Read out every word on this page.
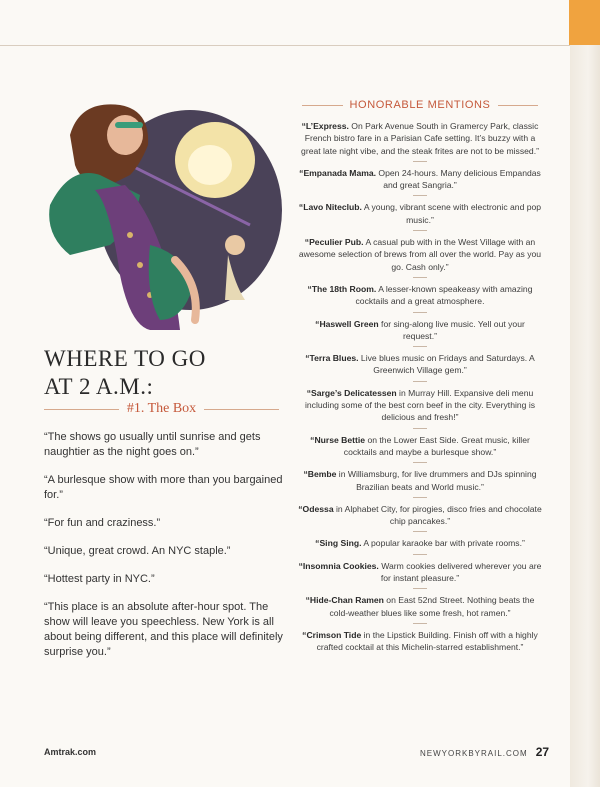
WHERE TO GO
AT 2 A.M.:
#1. The Box

“The shows go usually until sunrise and gets naughtier as the night goes on.”

“A burlesque show with more than you bargained for.”

“For fun and craziness.”

“Unique, great crowd. An NYC staple.”

“Hottest party in NYC.”

“This place is an absolute after-hour spot. The show will leave you speechless. New York is all about being different, and this place will definitely surprise you.”

HONORABLE MENTIONS
“L’Express. On Park Avenue South in Gramercy Park, classic French bistro fare in a Parisian Cafe setting. It’s buzzy with a great late night vibe, and the steak frites are not to be missed.”
“Empanada Mama. Open 24-hours. Many delicious Empandas and great Sangria.”
“Lavo Niteclub. A young, vibrant scene with electronic and pop music.”
“Peculier Pub. A casual pub with in the West Village with an awesome selection of brews from all over the world. Pay as you go. Cash only.”
“The 18th Room. A lesser-known speakeasy with amazing cocktails and a great atmosphere.
“Haswell Green for sing-along live music. Yell out your request.”
“Terra Blues. Live blues music on Fridays and Saturdays. A Greenwich Village gem.”
“Sarge’s Delicatessen in Murray Hill. Expansive deli menu including some of the best corn beef in the city. Everything is delicious and fresh!”
“Nurse Bettie on the Lower East Side. Great music, killer cocktails and maybe a burlesque show.”
“Bembe in Williamsburg, for live drummers and DJs spinning Brazilian beats and World music.”
“Odessa in Alphabet City, for pirogies, disco fries and chocolate chip pancakes.”
“Sing Sing. A popular karaoke bar with private rooms.”
“Insomnia Cookies. Warm cookies delivered wherever you are for instant pleasure.”
“Hide-Chan Ramen on East 52nd Street. Nothing beats the cold-weather blues like some fresh, hot ramen.”
“Crimson Tide in the Lipstick Building. Finish off with a highly crafted cocktail at this Michelin-starred establishment.”
Amtrak.com	NEWYORKBYRAIL.COM 27
